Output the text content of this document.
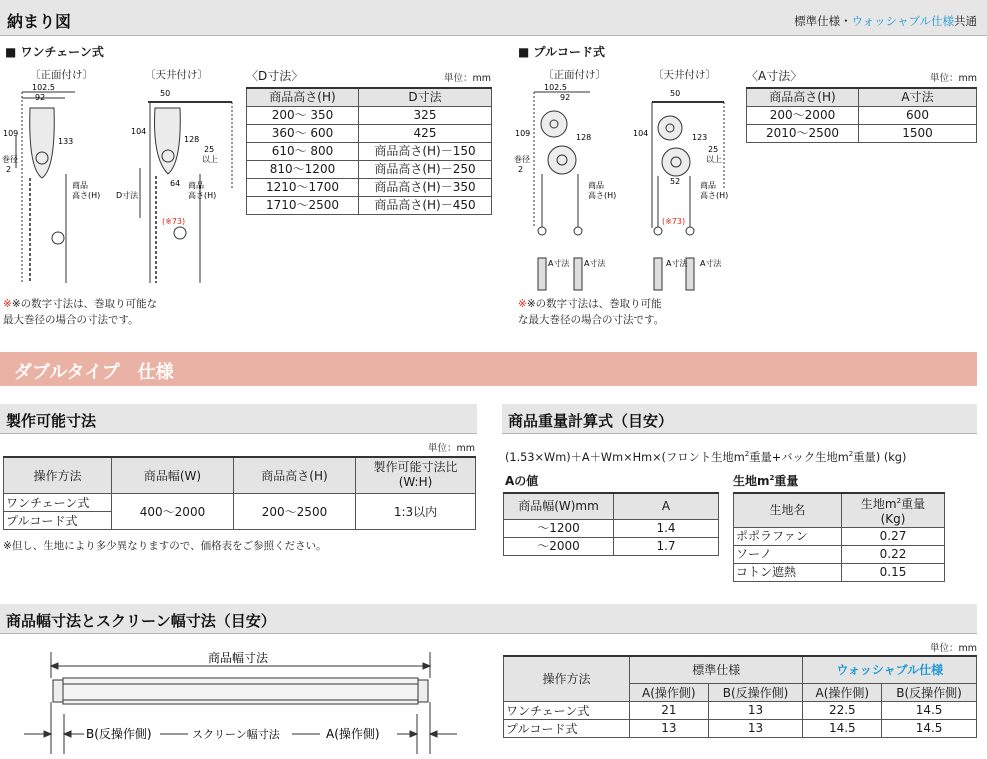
納まり図	標準仕様・ウォッシャブル仕様共通
■ ワンチェーン式
〔正面付け〕	〔天井付け〕
102.5
92
109
133
巻径
2
商品
高さ(H)
50
104
128
25
以上
D寸法
64 商品
高さ(H)
(※73)
※※の数字寸法は、巻取り可能な
最大巻径の場合の寸法です。
〈D寸法〉	単位：mm
商品高さ(H)	D寸法
200〜 350	325
360〜 600	425
610〜 800	商品高さ(H)－150
810〜1200	商品高さ(H)－250
1210〜1700	商品高さ(H)－350
1710〜2500	商品高さ(H)－450
■ プルコード式
〔正面付け〕	〔天井付け〕
102.5
92
109	128
巻径
2
商品
高さ(H)
A寸法 A寸法
50
104	123
25
以上
52 商品
高さ(H)
(※73)
A寸法 A寸法
※※の数字寸法は、巻取り可能
な最大巻径の場合の寸法です。
〈A寸法〉	単位：mm
商品高さ(H)	A寸法
200〜2000	600
2010〜2500	1500
ダブルタイプ　仕様
製作可能寸法
単位：mm
操作方法	商品幅(W)	商品高さ(H)	製作可能寸法比
(W:H)

ワンチェーン式	400〜2000	200〜2500	1:3以内
プルコード式			
※但し、生地により多少異なりますので、価格表をご参照ください。
商品重量計算式（目安）
(1.53×Wm)＋A＋Wm×Hm×(フロント生地$m^2$重量+バック生地$m^2$重量) (kg)
Aの値
商品幅(W)mm	A
〜1200	1.4
〜2000	1.7
生地$m^2$重量
生地名	生地$m^2$重量
(Kg)

ポポラファン	0.27
ソーノ	0.22
コトン遮熱	0.15
商品幅寸法とスクリーン幅寸法（目安）
商品幅寸法
B(反操作側)	スクリーン幅寸法	A(操作側)
単位：mm
操作方法	標準仕様		ウォッシャブル仕様	
	A(操作側)	B(反操作側)	A(操作側)	B(反操作側)
ワンチェーン式	21	13	22.5	14.5
プルコード式	13	13	14.5	14.5
